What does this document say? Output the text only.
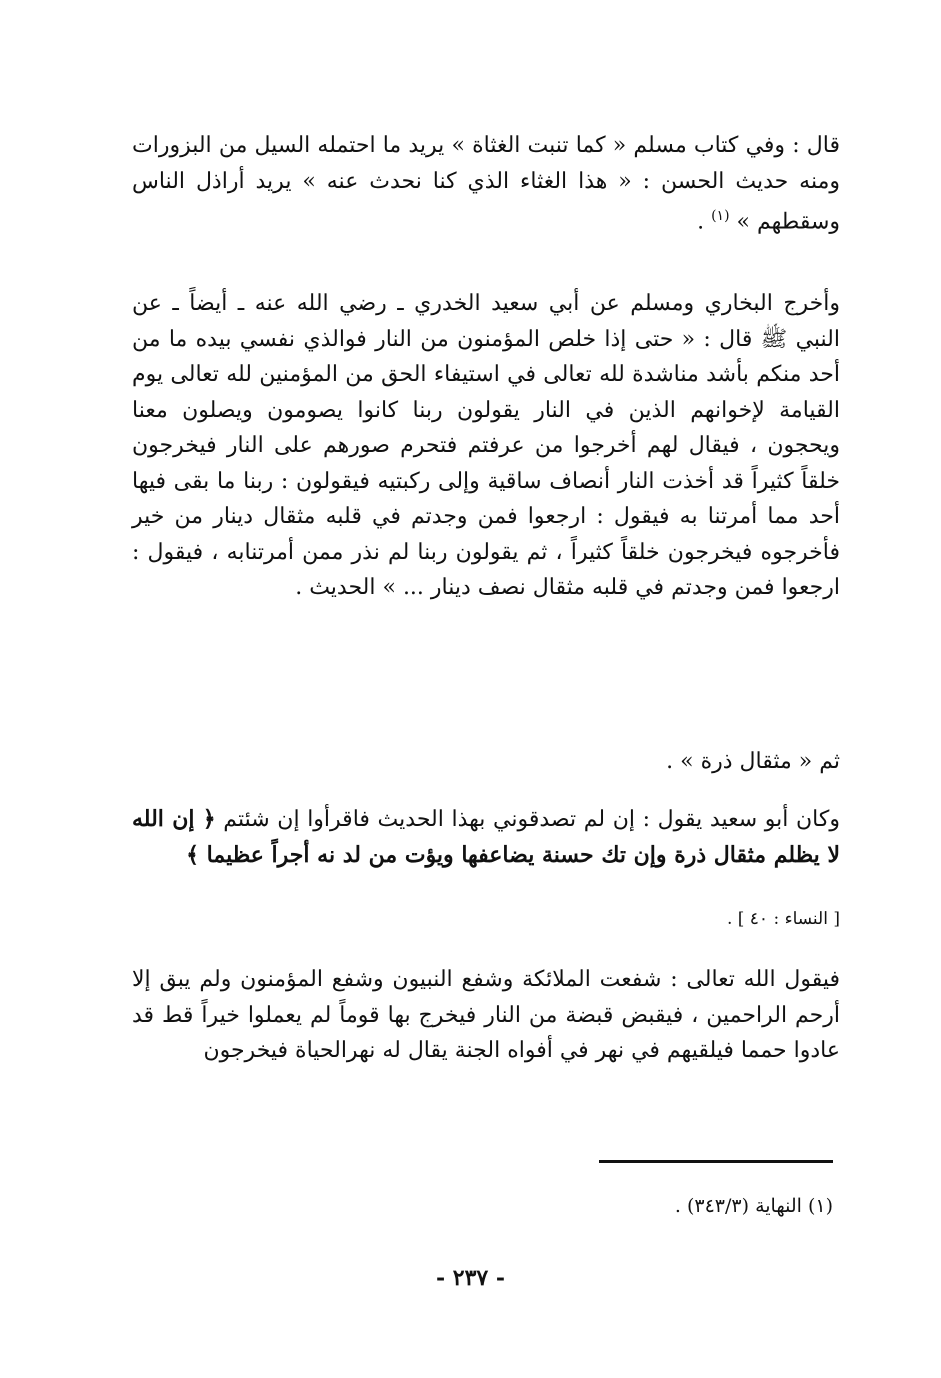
قال : وفي كتاب مسلم « كما تنبت الغثاة » يريد ما احتمله السيل من البزورات ومنه حديث الحسن : « هذا الغثاء الذي كنا نحدث عنه » يريد أراذل الناس وسقطهم » $^{(١)}$ .
وأخرج البخاري ومسلم عن أبي سعيد الخدري ـ رضي الله عنه ـ أيضاً ـ عن النبي ﷺ قال : « حتى إذا خلص المؤمنون من النار فوالذي نفسي بيده ما من أحد منكم بأشد مناشدة لله تعالى في استيفاء الحق من المؤمنين لله تعالى يوم القيامة لإخوانهم الذين في النار يقولون ربنا كانوا يصومون ويصلون معنا ويحجون ، فيقال لهم أخرجوا من عرفتم فتحرم صورهم على النار فيخرجون خلقاً كثيراً قد أخذت النار أنصاف ساقية وإلى ركبتيه فيقولون : ربنا ما بقى فيها أحد مما أمرتنا به فيقول : ارجعوا فمن وجدتم في قلبه مثقال دينار من خير فأخرجوه فيخرجون خلقاً كثيراً ، ثم يقولون ربنا لم نذر ممن أمرتنابه ، فيقول : ارجعوا فمن وجدتم في قلبه مثقال نصف دينار ... » الحديث .
ثم « مثقال ذرة » .
وكان أبو سعيد يقول : إن لم تصدقوني بهذا الحديث فاقرأوا إن شئتم ﴿ إن الله لا يظلم مثقال ذرة وإن تك حسنة يضاعفها ويؤت من لد نه أجراً عظيما ﴾
[ النساء : ٤٠ ] .
فيقول الله تعالى : شفعت الملائكة وشفع النبيون وشفع المؤمنون ولم يبق إلا أرحم الراحمين ، فيقبض قبضة من النار فيخرج بها قوماً لم يعملوا خيراً قط قد عادوا حمما فيلقيهم في نهر في أفواه الجنة يقال له نهرالحياة فيخرجون
(١) النهاية (٣٤٣/٣) .
- ٢٣٧ -
